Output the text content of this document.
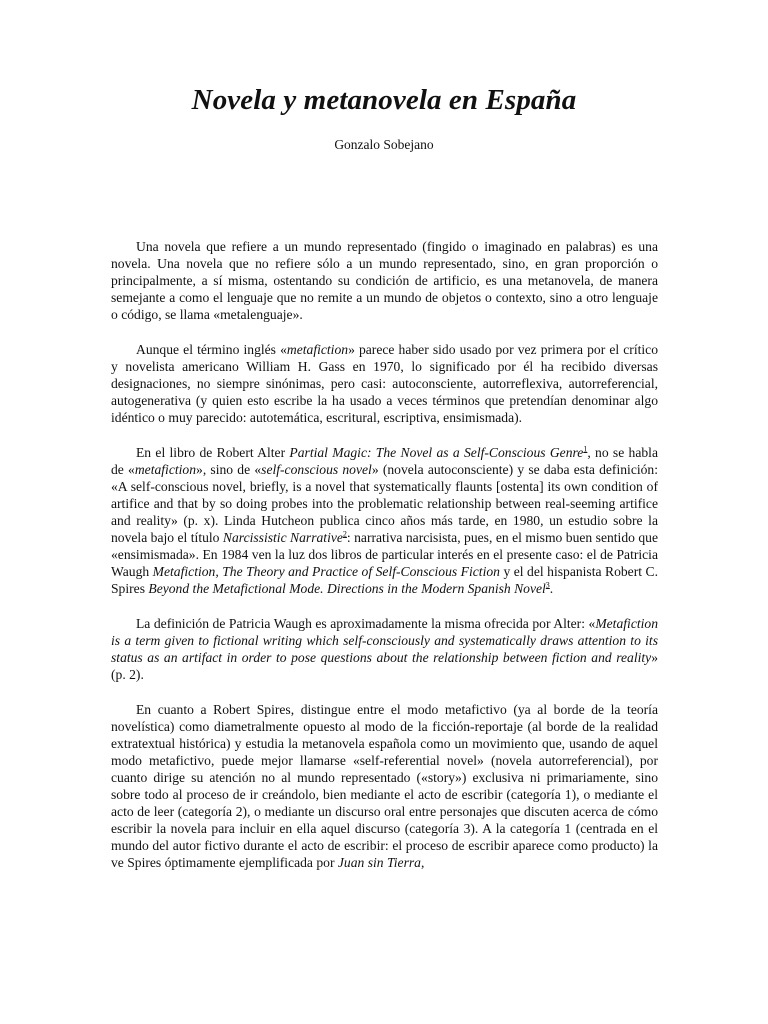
Novela y metanovela en España
Gonzalo Sobejano

Una novela que refiere a un mundo representado (fingido o imaginado en palabras) es una novela. Una novela que no refiere sólo a un mundo representado, sino, en gran proporción o principalmente, a sí misma, ostentando su condición de artificio, es una metanovela, de manera semejante a como el lenguaje que no remite a un mundo de objetos o contexto, sino a otro lenguaje o código, se llama «metalenguaje».

Aunque el término inglés «metafiction» parece haber sido usado por vez primera por el crítico y novelista americano William H. Gass en 1970, lo significado por él ha recibido diversas designaciones, no siempre sinónimas, pero casi: autoconsciente, autorreflexiva, autorreferencial, autogenerativa (y quien esto escribe la ha usado a veces términos que pretendían denominar algo idéntico o muy parecido: autotemática, escritural, escriptiva, ensimismada).

En el libro de Robert Alter Partial Magic: The Novel as a Self-Conscious Genre$^1$, no se habla de «metafiction», sino de «self-conscious novel» (novela autoconsciente) y se daba esta definición: «A self-conscious novel, briefly, is a novel that systematically flaunts [ostenta] its own condition of artifice and that by so doing probes into the problematic relationship between real-seeming artifice and reality» (p. x). Linda Hutcheon publica cinco años más tarde, en 1980, un estudio sobre la novela bajo el título Narcissistic Narrative$^2$: narrativa narcisista, pues, en el mismo buen sentido que «ensimismada». En 1984 ven la luz dos libros de particular interés en el presente caso: el de Patricia Waugh Metafiction, The Theory and Practice of Self-Conscious Fiction y el del hispanista Robert C. Spires Beyond the Metafictional Mode. Directions in the Modern Spanish Novel$^3$.

La definición de Patricia Waugh es aproximadamente la misma ofrecida por Alter: «Metafiction is a term given to fictional writing which self-consciously and systematically draws attention to its status as an artifact in order to pose questions about the relationship between fiction and reality» (p. 2).

En cuanto a Robert Spires, distingue entre el modo metafictivo (ya al borde de la teoría novelística) como diametralmente opuesto al modo de la ficción-reportaje (al borde de la realidad extratextual histórica) y estudia la metanovela española como un movimiento que, usando de aquel modo metafictivo, puede mejor llamarse «self-referential novel» (novela autorreferencial), por cuanto dirige su atención no al mundo representado («story») exclusiva ni primariamente, sino sobre todo al proceso de ir creándolo, bien mediante el acto de escribir (categoría 1), o mediante el acto de leer (categoría 2), o mediante un discurso oral entre personajes que discuten acerca de cómo escribir la novela para incluir en ella aquel discurso (categoría 3). A la categoría 1 (centrada en el mundo del autor fictivo durante el acto de escribir: el proceso de escribir aparece como producto) la ve Spires óptimamente ejemplificada por Juan sin Tierra,
